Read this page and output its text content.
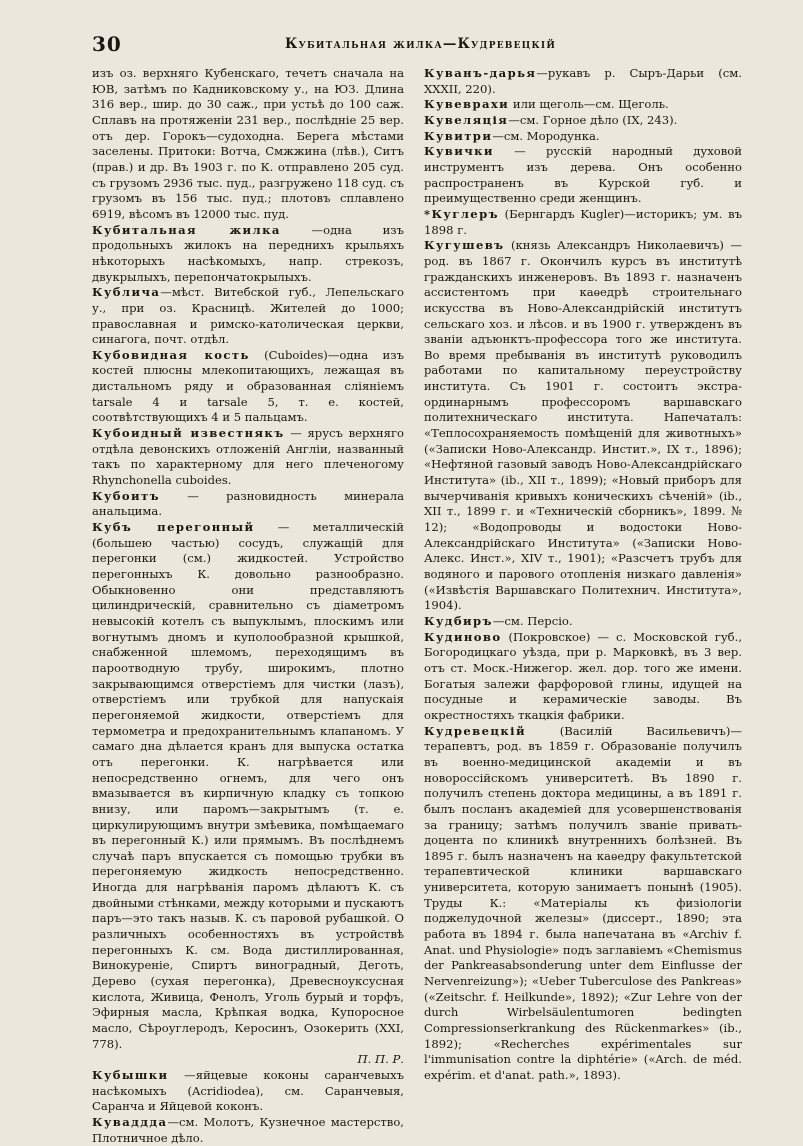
30	Кубитальная жилка—Кудревецкій

изъ оз. верхняго Кубенскаго, течетъ сначала на ЮВ, затѣмъ по Кадниковскому у., на ЮЗ. Длина 316 вер., шир. до 30 саж., при устьѣ до 100 саж. Сплавъ на протяженіи 231 вер., послѣдніе 25 вер. отъ дер. Горокъ—судоходна. Берега мѣстами заселены. Притоки: Вотча, Смжжина (лѣв.), Ситъ (прав.) и др. Въ 1903 г. по К. отправлено 205 суд. съ грузомъ 2936 тыс. пуд., разгружено 118 суд. съ грузомъ въ 156 тыс. пуд.; плотовъ сплавлено 6919, вѣсомъ въ 12000 тыс. пуд.

Кубитальная жилка	—одна изъ продольныхъ жилокъ на переднихъ крыльяхъ нѣкоторыхъ насѣкомыхъ, напр. стрекозъ, двукрылыхъ, перепончатокрылыхъ.

Кублича—мѣст. Витебской губ., Лепельскаго у., при оз. Красницѣ. Жителей до 1000; православная и римско-католическая церкви, синагога, почт. отдѣл.

Кубовидная кость (Cuboides)—одна изъ костей плюсны млекопитающихъ, лежащая въ дистальномъ ряду и образованная сліяніемъ tarsale 4 и tarsale 5, т. е. костей, соотвѣтствующихъ 4 и 5 пальцамъ.

Кубоидный известнякъ — ярусъ верхняго отдѣла девонскихъ отложеній Англіи, названный такъ по характерному для него плеченогому Rhynchonella cuboides.

Кубоитъ — разновидность минерала анальцима.

Кубъ перегонный — металлическій (большею частью) сосудъ, служащій для перегонки (см.) жидкостей. Устройство перегонныхъ К. довольно разнообразно. Обыкновенно они представляютъ цилиндрическій, сравнительно съ діаметромъ невысокій котелъ съ выпуклымъ, плоскимъ или вогнутымъ дномъ и куполообразной крышкой, снабженной шлемомъ, переходящимъ въ пароотводную трубу, широкимъ, плотно закрывающимся отверстіемъ для чистки (лазъ), отверстіемъ или трубкой для напускаія перегоняемой жидкости, отверстіемъ для термометра и предохранительнымъ клапаномъ. У самаго дна дѣлается кранъ для выпуска остатка отъ перегонки. К. нагрѣвается или непосредственно огнемъ, для чего онъ вмазывается въ кирпичную кладку съ топкою внизу, или паромъ—закрытымъ (т. е. циркулирующимъ внутри змѣевика, помѣщаемаго въ перегонный К.) или прямымъ. Въ послѣднемъ случаѣ паръ впускается съ помощью трубки въ перегоняемую жидкость непосредственно. Иногда для нагрѣванія паромъ дѣлаютъ К. съ двойными стѣнками, между которыми и пускаютъ паръ—это такъ назыв. К. съ паровой рубашкой. О различныхъ особенностяхъ въ устройствѣ перегонныхъ К. см. Вода дистиллированная, Винокуреніе, Спиртъ виноградный, Деготь, Дерево (сухая перегонка), Древесноуксусная кислота, Живица, Фенолъ, Уголь бурый и торфъ, Эфирныя масла, Крѣпкая водка, Купоросное масло, Сѣроуглеродъ, Керосинъ, Озокерить (XXI, 778).

П. П. Р.

Кубышки —яйцевые коконы саранчевыхъ насѣкомыхъ (Acridiodea), см. Саранчевыя, Саранча и Яйцевой коконъ.

Куваддда—см. Молотъ, Кузнечное мастерство, Плотничное дѣло.

Куванъ-дарья—рукавъ р. Сыръ-Дарьи (см. XXXII, 220).

Кувеврахи или щеголь—см. Щеголь.

Кувеляція—см. Горное дѣло (IX, 243).

Кувитри—см. Мородунка.

Кувички — русскій народный духовой инструментъ изъ дерева. Онъ особенно распространенъ въ Курской губ. и преимущественно среди женщинъ.

*Куглеръ (Бернгардъ Kugler)—историкъ; ум. въ 1898 г.

Кугушевъ (князь Александръ Николаевичъ) — род. въ 1867 г. Окончилъ курсъ въ институтѣ гражданскихъ инженеровъ. Въ 1893 г. назначенъ ассистентомъ при каѳедрѣ строительнаго искусства въ Ново-Александрійскій институтъ сельскаго хоз. и лѣсов. и въ 1900 г. утвержденъ въ званіи адъюнктъ-профессора того же института. Во время пребыванія въ институтѣ руководилъ работами по капитальному переустройству института. Съ 1901 г. состоитъ экстра-ординарнымъ профессоромъ варшавскаго политехническаго института. Напечаталъ: «Теплосохраняемость помѣщеній для животныхъ» («Записки Ново-Александр. Инстит.», IX т., 1896); «Нефтяной газовый заводъ Ново-Александрійскаго Института» (ib., XII т., 1899); «Новый приборъ для вычерчиванія кривыхъ коническихъ сѣченій» (ib., XII т., 1899 г. и «Техническій сборникъ», 1899. № 12); «Водопроводы и водостоки Ново-Александрійскаго Института» («Записки Ново-Алекс. Инст.», XIV т., 1901); «Разсчетъ трубъ для водяного и парового отопленія низкаго давленія» («Извѣстія Варшавскаго Политехнич. Института», 1904).

Кудбиръ—см. Персіо.

Кудиново (Покровское) — с. Московской губ., Богородицкаго уѣзда, при р. Марковкѣ, въ 3 вер. отъ ст. Моск.-Нижегор. жел. дор. того же имени. Богатыя залежи фарфоровой глины, идущей на посудные и керамическіе заводы. Въ окрестностяхъ ткацкія фабрики.

Кудревецкій	(Василій Васильевичъ)—терапевтъ, род. въ 1859 г. Образованіе получилъ въ военно-медицинской академіи и въ новороссійскомъ университетѣ. Въ 1890 г. получилъ степень доктора медицины, а въ 1891 г. былъ посланъ академіей для усовершенствованія за границу; затѣмъ получилъ званіе привать-доцента по клиникѣ внутреннихъ болѣзней. Въ 1895 г. былъ назначенъ на каѳедру факультетской терапевтической клиники варшавскаго университета, которую занимаетъ понынѣ (1905). Труды К.: «Матеріалы къ физіологіи поджелудочной железы» (диссерт., 1890; эта работа въ 1894 г. была напечатана въ «Archiv f. Anat. und Physiologie» подъ заглавіемъ «Chemismus der Pankreasabsonderung unter dem Einflusse der Nervenreizung»); «Ueber Tuberculose des Pankreas» («Zeitschr. f. Heilkunde», 1892); «Zur Lehre von der durch Wirbelsäulentumoren bedingten Compressionserkrankung des Rückenmarkes» (ib., 1892); «Recherches expérimentales sur l'immunisation contre la diphtérie» («Arch. de méd. expérim. et d'anat. path.», 1893).
